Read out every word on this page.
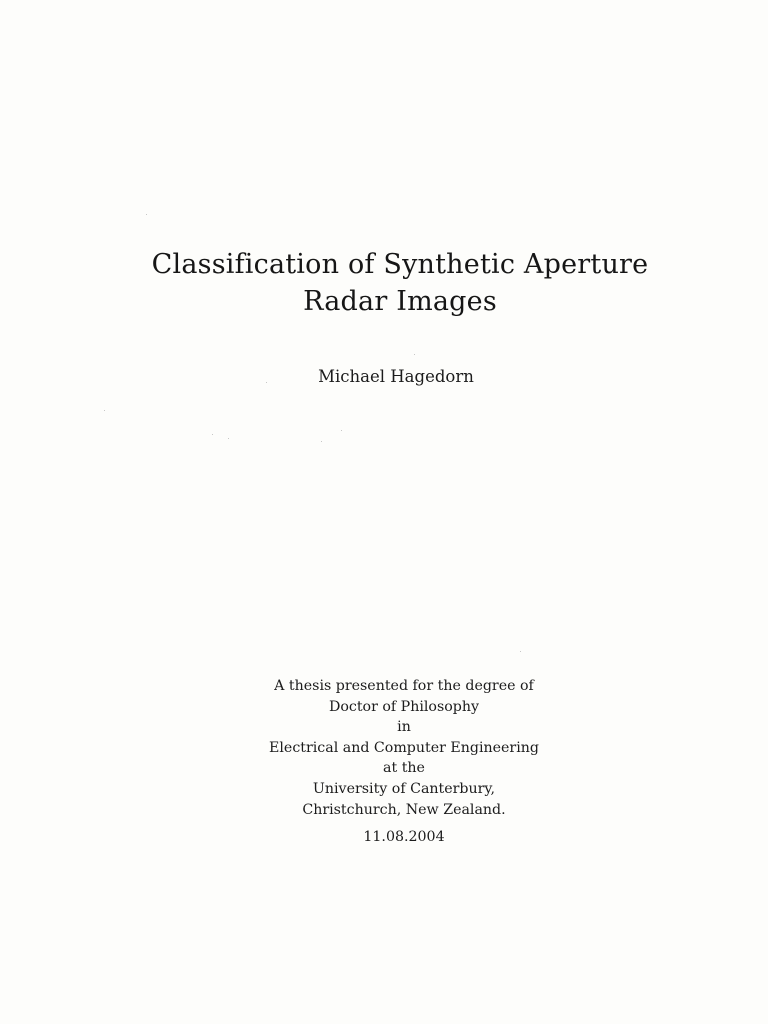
Classification of Synthetic Aperture
Radar Images
Michael Hagedorn
A thesis presented for the degree of
Doctor of Philosophy
in
Electrical and Computer Engineering
at the
University of Canterbury,
Christchurch, New Zealand.
11.08.2004
